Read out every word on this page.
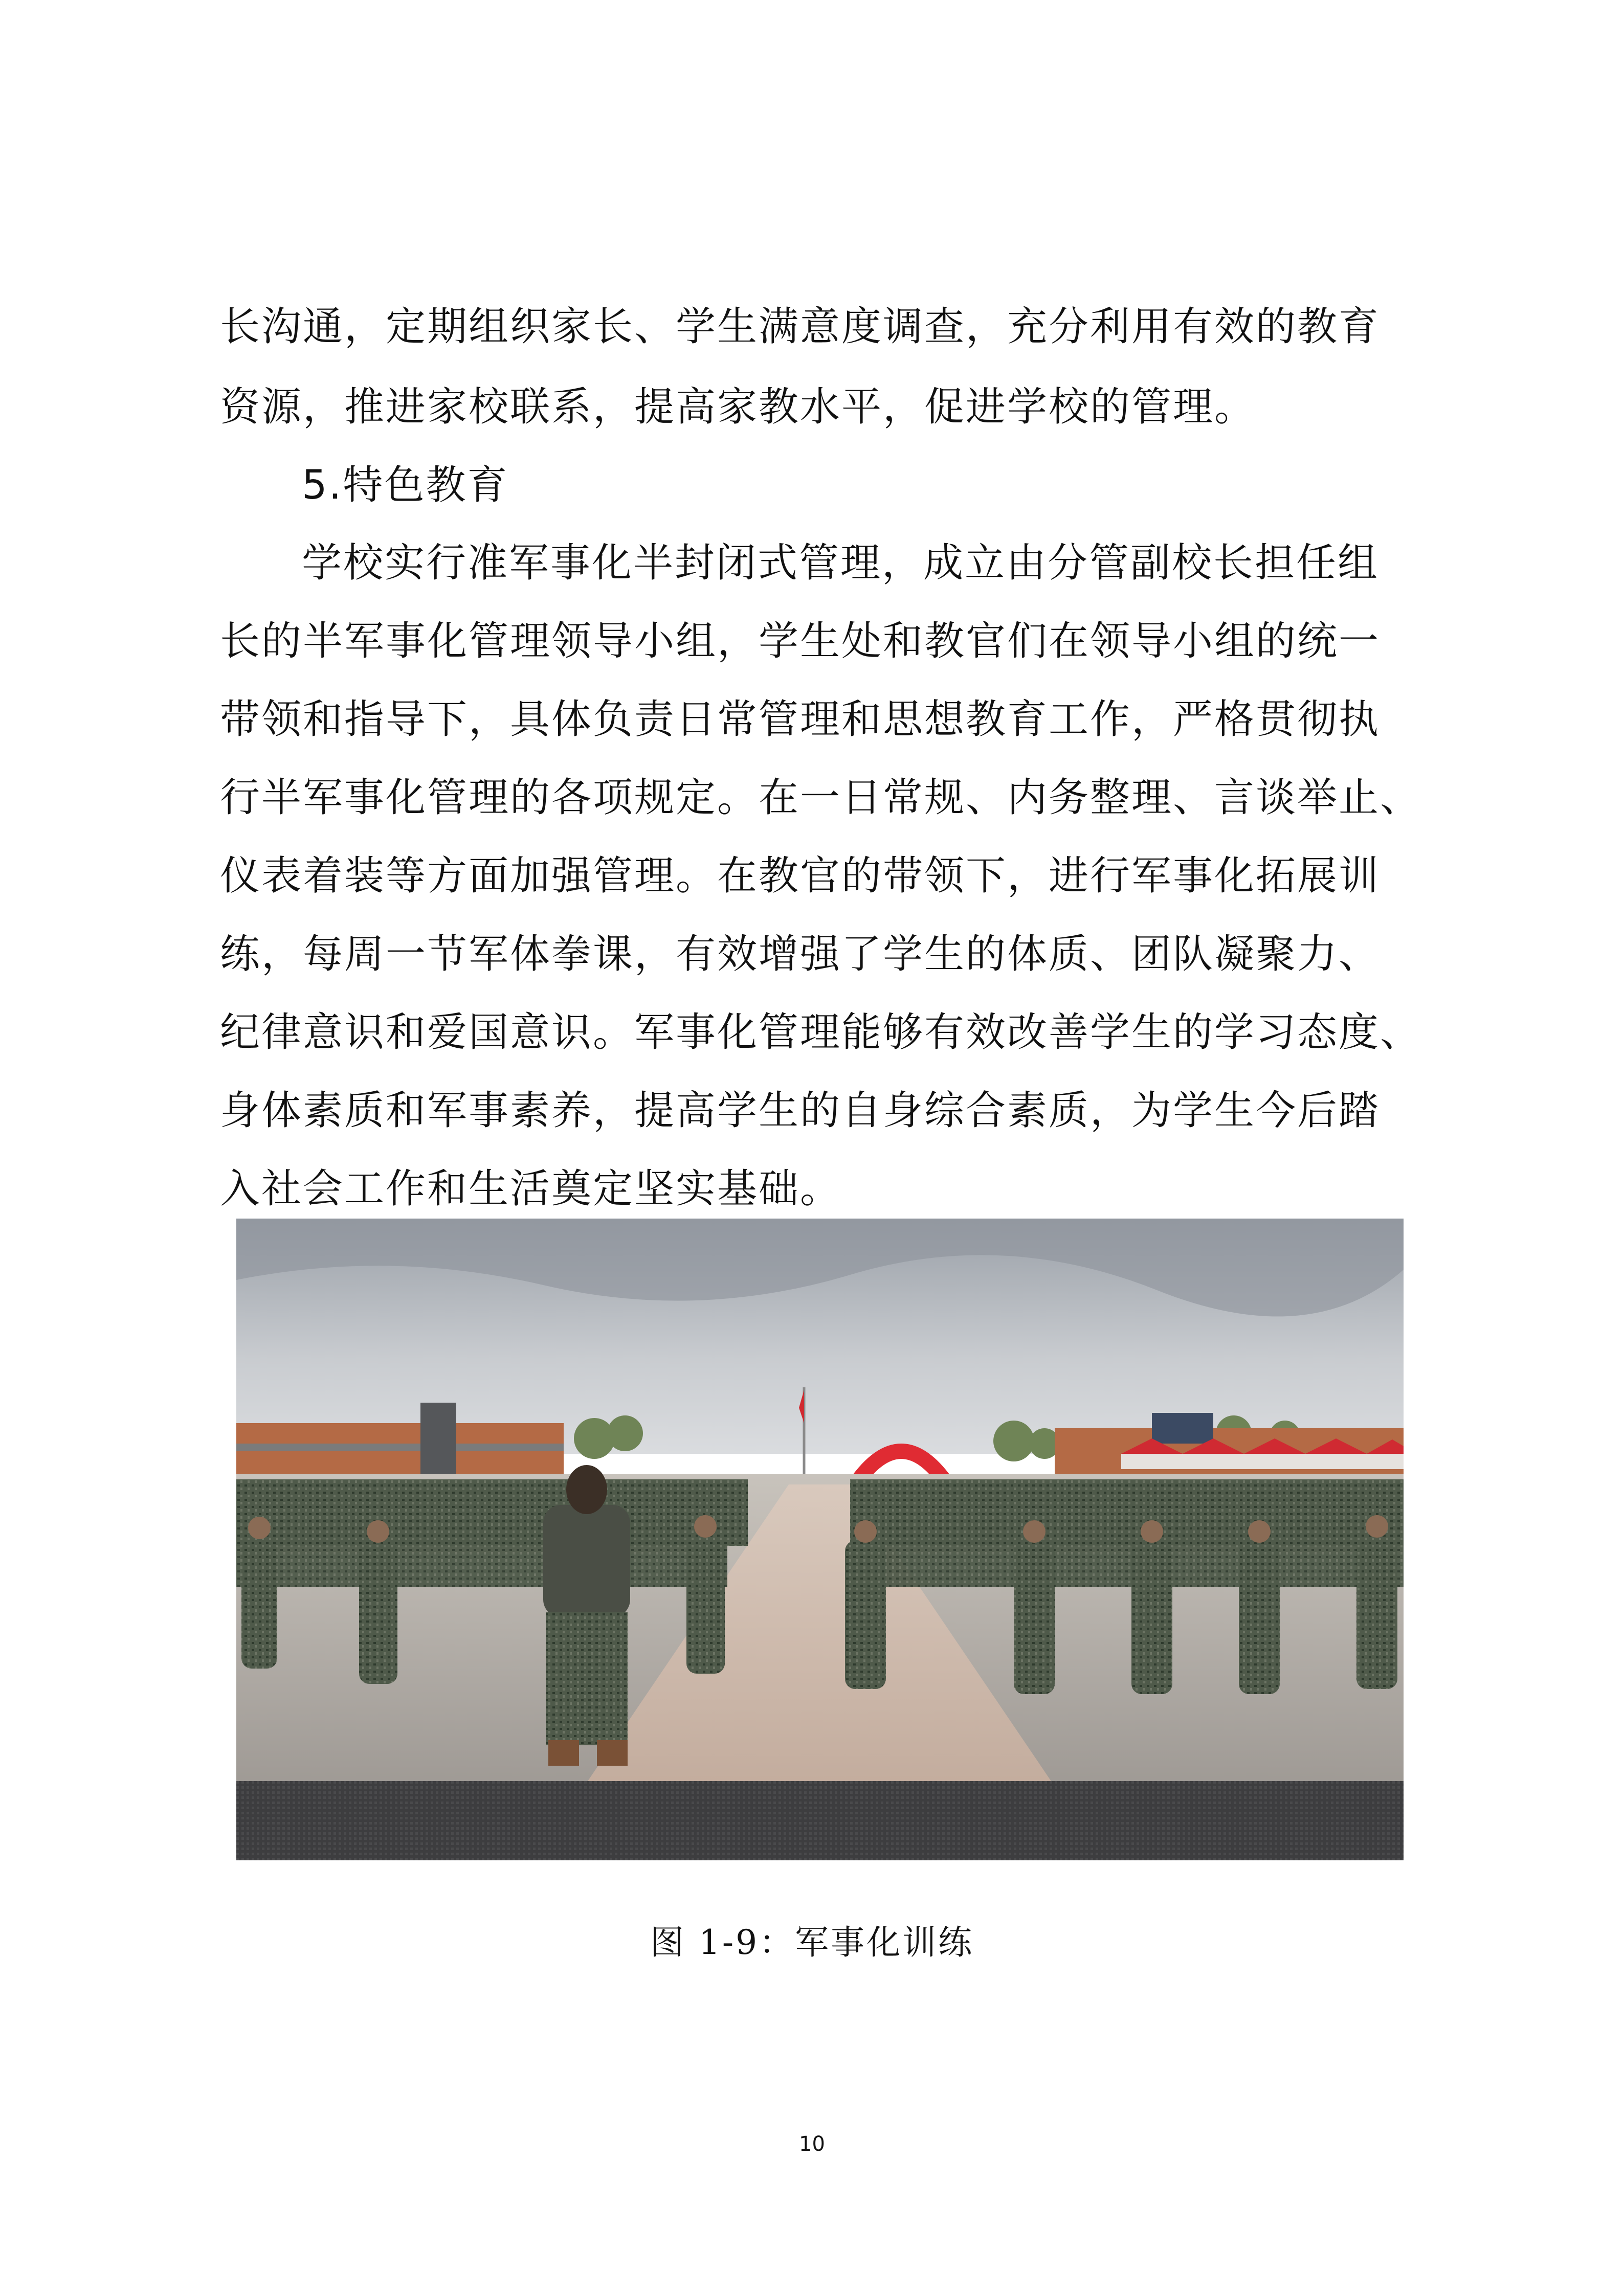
长沟通，定期组织家长、学生满意度调查，充分利用有效的教育
资源，推进家校联系，提高家教水平，促进学校的管理。
5.特色教育
学校实行准军事化半封闭式管理，成立由分管副校长担任组
长的半军事化管理领导小组，学生处和教官们在领导小组的统一
带领和指导下，具体负责日常管理和思想教育工作，严格贯彻执
行半军事化管理的各项规定。在一日常规、内务整理、言谈举止、
仪表着装等方面加强管理。在教官的带领下，进行军事化拓展训
练，每周一节军体拳课，有效增强了学生的体质、团队凝聚力、
纪律意识和爱国意识。军事化管理能够有效改善学生的学习态度、
身体素质和军事素养，提高学生的自身综合素质，为学生今后踏
入社会工作和生活奠定坚实基础。
图 1-9：军事化训练
10
